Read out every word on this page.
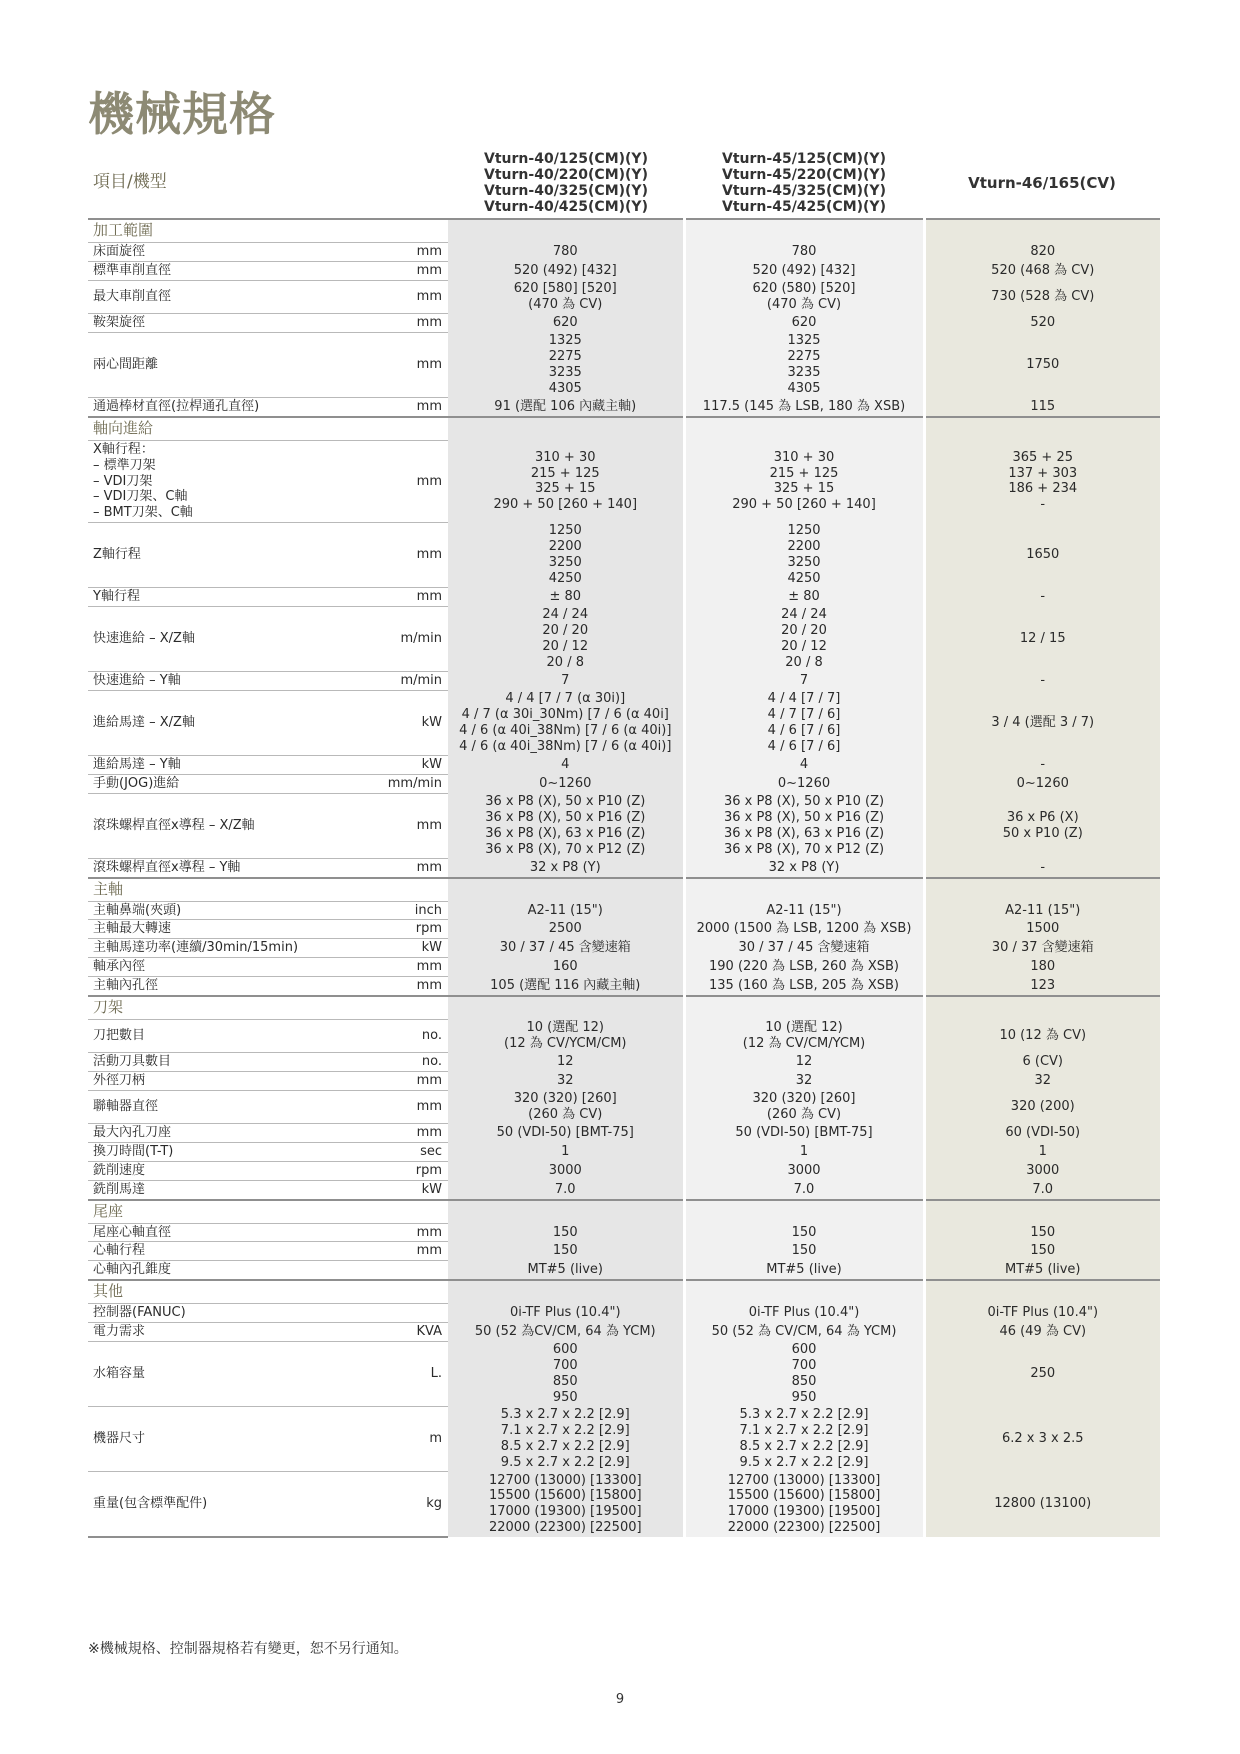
機械規格
項目/機型		Vturn-40/125(CM)(Y)
Vturn-40/220(CM)(Y)
Vturn-40/325(CM)(Y)
Vturn-40/425(CM)(Y)	Vturn-45/125(CM)(Y)
Vturn-45/220(CM)(Y)
Vturn-45/325(CM)(Y)
Vturn-45/425(CM)(Y)	Vturn-46/165(CV)
加工範圍				
床面旋徑	mm	780	780	820
標準車削直徑	mm	520 (492) [432]	520 (492) [432]	520 (468 為 CV)
最大車削直徑	mm	620 [580] [520]
(470 為 CV)	620 (580) [520]
(470 為 CV)	730 (528 為 CV)
鞍架旋徑	mm	620	620	520
兩心間距離	mm	1325
2275
3235
4305	1325
2275
3235
4305	1750
通過棒材直徑(拉桿通孔直徑)	mm	91 (選配 106 內藏主軸)	117.5 (145 為 LSB, 180 為 XSB)	115
軸向進給				
X軸行程：
– 標準刀架
– VDI刀架
– VDI刀架、C軸
– BMT刀架、C軸	mm	310 + 30
215 + 125
325 + 15
290 + 50 [260 + 140]	310 + 30
215 + 125
325 + 15
290 + 50 [260 + 140]	365 + 25
137 + 303
186 + 234
-
Z軸行程	mm	1250
2200
3250
4250	1250
2200
3250
4250	1650
Y軸行程	mm	± 80	± 80	-
快速進給 – X/Z軸	m/min	24 / 24
20 / 20
20 / 12
20 / 8	24 / 24
20 / 20
20 / 12
20 / 8	12 / 15
快速進給 – Y軸	m/min	7	7	-
進給馬達 – X/Z軸	kW	4 / 4 [7 / 7 (α 30i)]
4 / 7 (α 30i_30Nm) [7 / 6 (α 40i]
4 / 6 (α 40i_38Nm) [7 / 6 (α 40i)]
4 / 6 (α 40i_38Nm) [7 / 6 (α 40i)]	4 / 4 [7 / 7]
4 / 7 [7 / 6]
4 / 6 [7 / 6]
4 / 6 [7 / 6]	3 / 4 (選配 3 / 7)
進給馬達 – Y軸	kW	4	4	-
手動(JOG)進給	mm/min	0~1260	0~1260	0~1260
滾珠螺桿直徑x導程 – X/Z軸	mm	36 x P8 (X), 50 x P10 (Z)
36 x P8 (X), 50 x P16 (Z)
36 x P8 (X), 63 x P16 (Z)
36 x P8 (X), 70 x P12 (Z)	36 x P8 (X), 50 x P10 (Z)
36 x P8 (X), 50 x P16 (Z)
36 x P8 (X), 63 x P16 (Z)
36 x P8 (X), 70 x P12 (Z)	36 x P6 (X)
50 x P10 (Z)
滾珠螺桿直徑x導程 – Y軸	mm	32 x P8 (Y)	32 x P8 (Y)	-
主軸				
主軸鼻端(夾頭)	inch	A2-11 (15")	A2-11 (15")	A2-11 (15")
主軸最大轉速	rpm	2500	2000 (1500 為 LSB, 1200 為 XSB)	1500
主軸馬達功率(連續/30min/15min)	kW	30 / 37 / 45 含變速箱	30 / 37 / 45 含變速箱	30 / 37 含變速箱
軸承內徑	mm	160	190 (220 為 LSB, 260 為 XSB)	180
主軸內孔徑	mm	105 (選配 116 內藏主軸)	135 (160 為 LSB, 205 為 XSB)	123
刀架				
刀把數目	no.	10 (選配 12)
(12 為 CV/YCM/CM)	10 (選配 12)
(12 為 CV/CM/YCM)	10 (12 為 CV)
活動刀具數目	no.	12	12	6 (CV)
外徑刀柄	mm	32	32	32
聯軸器直徑	mm	320 (320) [260]
(260 為 CV)	320 (320) [260]
(260 為 CV)	320 (200)
最大內孔刀座	mm	50 (VDI-50) [BMT-75]	50 (VDI-50) [BMT-75]	60 (VDI-50)
換刀時間(T-T)	sec	1	1	1
銑削速度	rpm	3000	3000	3000
銑削馬達	kW	7.0	7.0	7.0
尾座				
尾座心軸直徑	mm	150	150	150
心軸行程	mm	150	150	150
心軸內孔錐度		MT#5 (live)	MT#5 (live)	MT#5 (live)
其他				
控制器(FANUC)		0i-TF Plus (10.4")	0i-TF Plus (10.4")	0i-TF Plus (10.4")
電力需求	KVA	50 (52 為CV/CM, 64 為 YCM)	50 (52 為 CV/CM, 64 為 YCM)	46 (49 為 CV)
水箱容量	L.	600
700
850
950	600
700
850
950	250
機器尺寸	m	5.3 x 2.7 x 2.2 [2.9]
7.1 x 2.7 x 2.2 [2.9]
8.5 x 2.7 x 2.2 [2.9]
9.5 x 2.7 x 2.2 [2.9]	5.3 x 2.7 x 2.2 [2.9]
7.1 x 2.7 x 2.2 [2.9]
8.5 x 2.7 x 2.2 [2.9]
9.5 x 2.7 x 2.2 [2.9]	6.2 x 3 x 2.5
重量(包含標準配件)	kg	12700 (13000) [13300]
15500 (15600) [15800]
17000 (19300) [19500]
22000 (22300) [22500]	12700 (13000) [13300]
15500 (15600) [15800]
17000 (19300) [19500]
22000 (22300) [22500]	12800 (13100)
※機械規格、控制器規格若有變更，恕不另行通知。
9
